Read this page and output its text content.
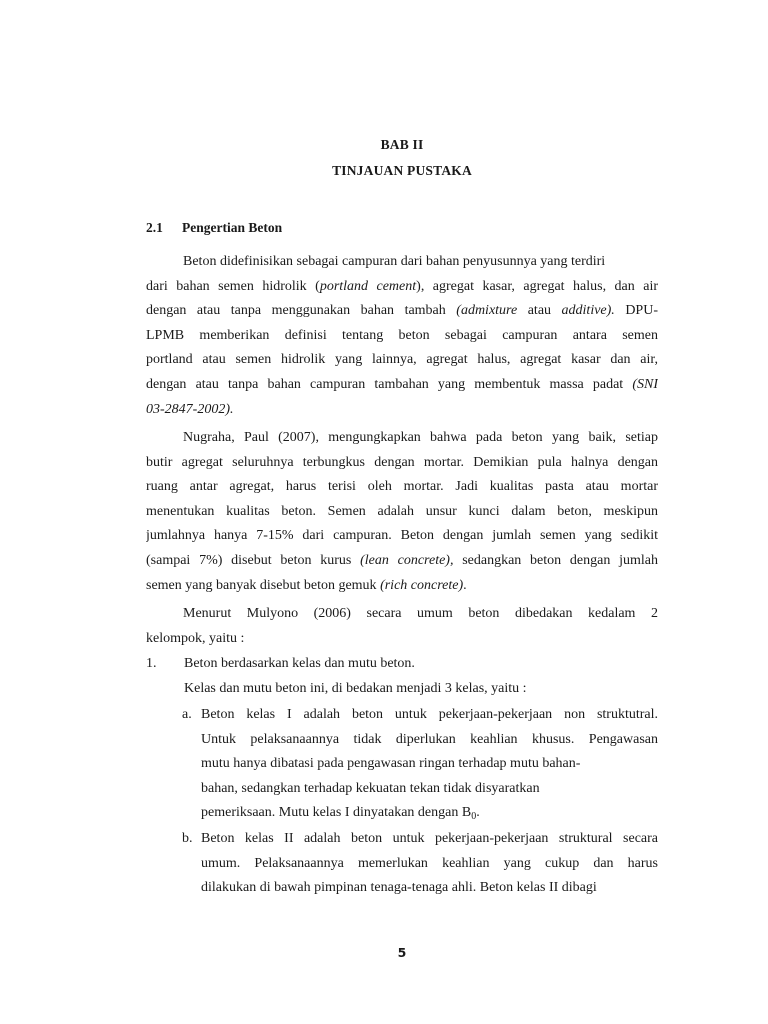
BAB II
TINJAUAN PUSTAKA
2.1 Pengertian Beton
Beton didefinisikan sebagai campuran dari bahan penyusunnya yang terdiri
dari bahan semen hidrolik (portland cement), agregat kasar, agregat halus, dan air
dengan atau tanpa menggunakan bahan tambah (admixture atau additive). DPU-
LPMB memberikan definisi tentang beton sebagai campuran antara semen
portland atau semen hidrolik yang lainnya, agregat halus, agregat kasar dan air,
dengan atau tanpa bahan campuran tambahan yang membentuk massa padat (SNI
03-2847-2002).
Nugraha, Paul (2007), mengungkapkan bahwa pada beton yang baik, setiap
butir agregat seluruhnya terbungkus dengan mortar. Demikian pula halnya dengan
ruang antar agregat, harus terisi oleh mortar. Jadi kualitas pasta atau mortar
menentukan kualitas beton. Semen adalah unsur kunci dalam beton, meskipun
jumlahnya hanya 7-15% dari campuran. Beton dengan jumlah semen yang sedikit
(sampai 7%) disebut beton kurus (lean concrete), sedangkan beton dengan jumlah
semen yang banyak disebut beton gemuk (rich concrete).
Menurut Mulyono (2006) secara umum beton dibedakan kedalam 2
kelompok, yaitu :
1. Beton berdasarkan kelas dan mutu beton.
Kelas dan mutu beton ini, di bedakan menjadi 3 kelas, yaitu :
a. Beton kelas I adalah beton untuk pekerjaan-pekerjaan non struktutral.
Untuk pelaksanaannya tidak diperlukan keahlian khusus. Pengawasan
mutu hanya dibatasi pada pengawasan ringan terhadap mutu bahan-
bahan, sedangkan terhadap kekuatan tekan tidak disyaratkan
pemeriksaan. Mutu kelas I dinyatakan dengan $B_0$.
b. Beton kelas II adalah beton untuk pekerjaan-pekerjaan struktural secara
umum. Pelaksanaannya memerlukan keahlian yang cukup dan harus
dilakukan di bawah pimpinan tenaga-tenaga ahli. Beton kelas II dibagi
5
